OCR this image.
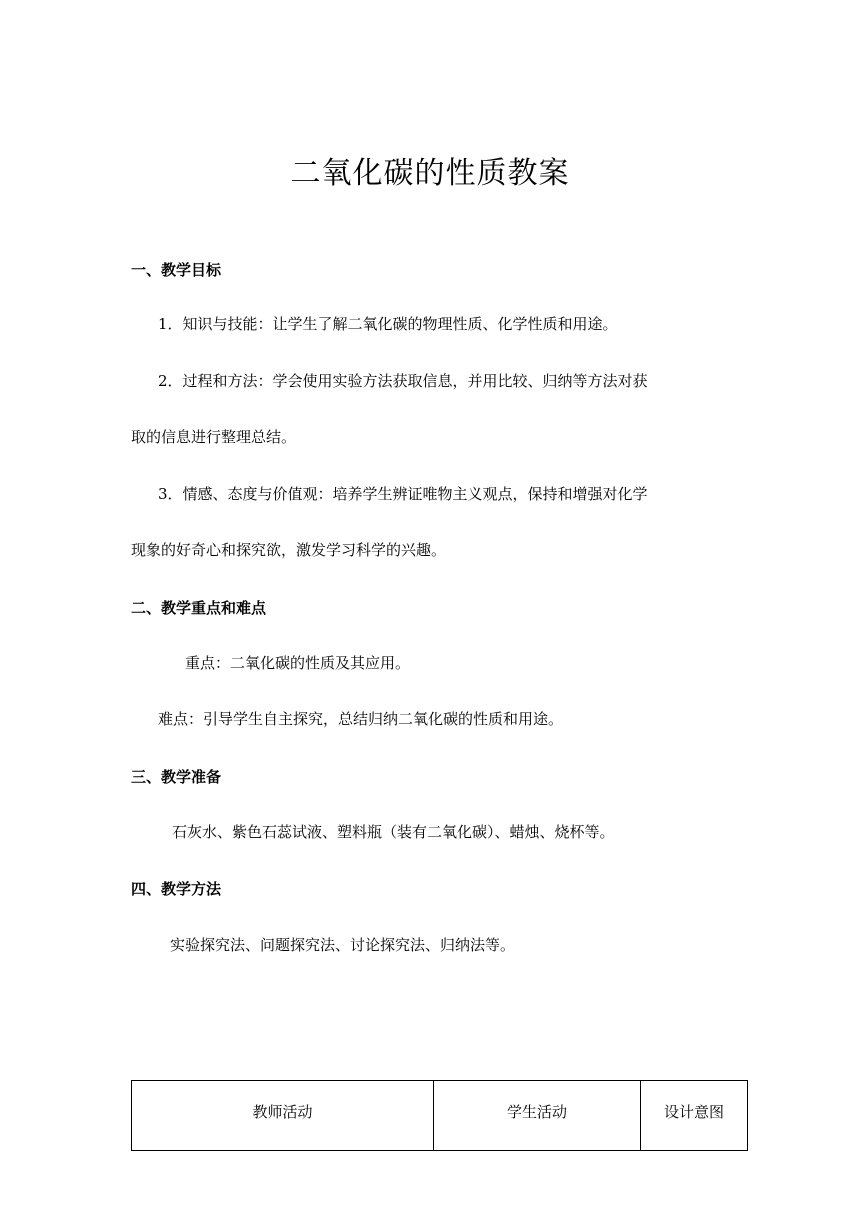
二氧化碳的性质教案
一、教学目标

1．知识与技能：让学生了解二氧化碳的物理性质、化学性质和用途。

2．过程和方法：学会使用实验方法获取信息，并用比较、归纳等方法对获

取的信息进行整理总结。

3．情感、态度与价值观：培养学生辨证唯物主义观点，保持和增强对化学

现象的好奇心和探究欲，激发学习科学的兴趣。

二、教学重点和难点

重点：二氧化碳的性质及其应用。

难点：引导学生自主探究，总结归纳二氧化碳的性质和用途。

三、教学准备

石灰水、紫色石蕊试液、塑料瓶（装有二氧化碳）、蜡烛、烧杯等。

四、教学方法

实验探究法、问题探究法、讨论探究法、归纳法等。

教师活动	学生活动	设计意图
